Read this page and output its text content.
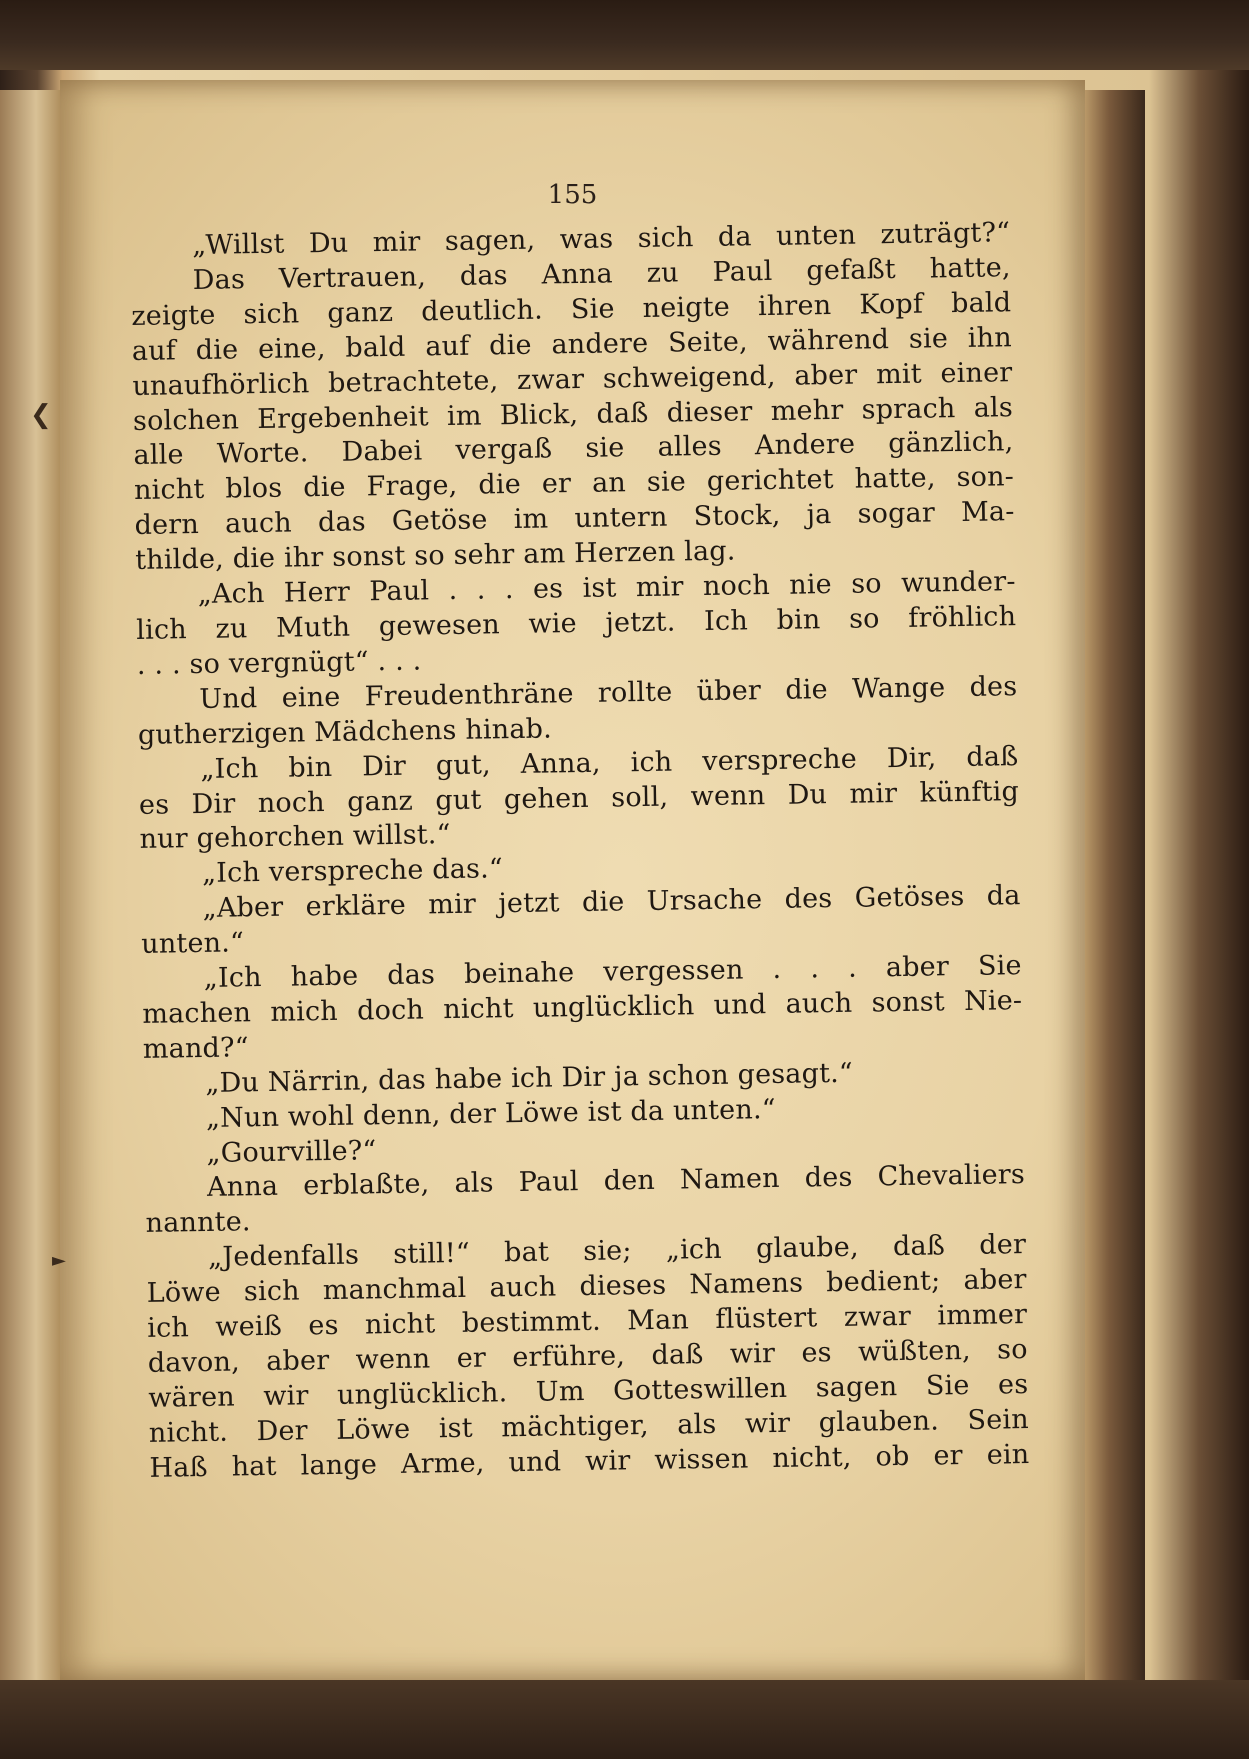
155
„Willst Du mir sagen, was sich da unten zuträgt?“
Das Vertrauen, das Anna zu Paul gefaßt hatte,
zeigte sich ganz deutlich. Sie neigte ihren Kopf bald
auf die eine, bald auf die andere Seite, während sie ihn
unaufhörlich betrachtete, zwar schweigend, aber mit einer
solchen Ergebenheit im Blick, daß dieser mehr sprach als
alle Worte. Dabei vergaß sie alles Andere gänzlich,
nicht blos die Frage, die er an sie gerichtet hatte, son-
dern auch das Getöse im untern Stock, ja sogar Ma-
thilde, die ihr sonst so sehr am Herzen lag.
„Ach Herr Paul . . . es ist mir noch nie so wunder-
lich zu Muth gewesen wie jetzt. Ich bin so fröhlich
. . . so vergnügt“ . . .
Und eine Freudenthräne rollte über die Wange des
gutherzigen Mädchens hinab.
„Ich bin Dir gut, Anna, ich verspreche Dir, daß
es Dir noch ganz gut gehen soll, wenn Du mir künftig
nur gehorchen willst.“
„Ich verspreche das.“
„Aber erkläre mir jetzt die Ursache des Getöses da
unten.“
„Ich habe das beinahe vergessen . . . aber Sie
machen mich doch nicht unglücklich und auch sonst Nie-
mand?“
„Du Närrin, das habe ich Dir ja schon gesagt.“
„Nun wohl denn, der Löwe ist da unten.“
„Gourville?“
Anna erblaßte, als Paul den Namen des Chevaliers
nannte.
„Jedenfalls still!“ bat sie; „ich glaube, daß der
Löwe sich manchmal auch dieses Namens bedient; aber
ich weiß es nicht bestimmt. Man flüstert zwar immer
davon, aber wenn er erführe, daß wir es wüßten, so
wären wir unglücklich. Um Gotteswillen sagen Sie es
nicht. Der Löwe ist mächtiger, als wir glauben. Sein
Haß hat lange Arme, und wir wissen nicht, ob er ein
❮
►
